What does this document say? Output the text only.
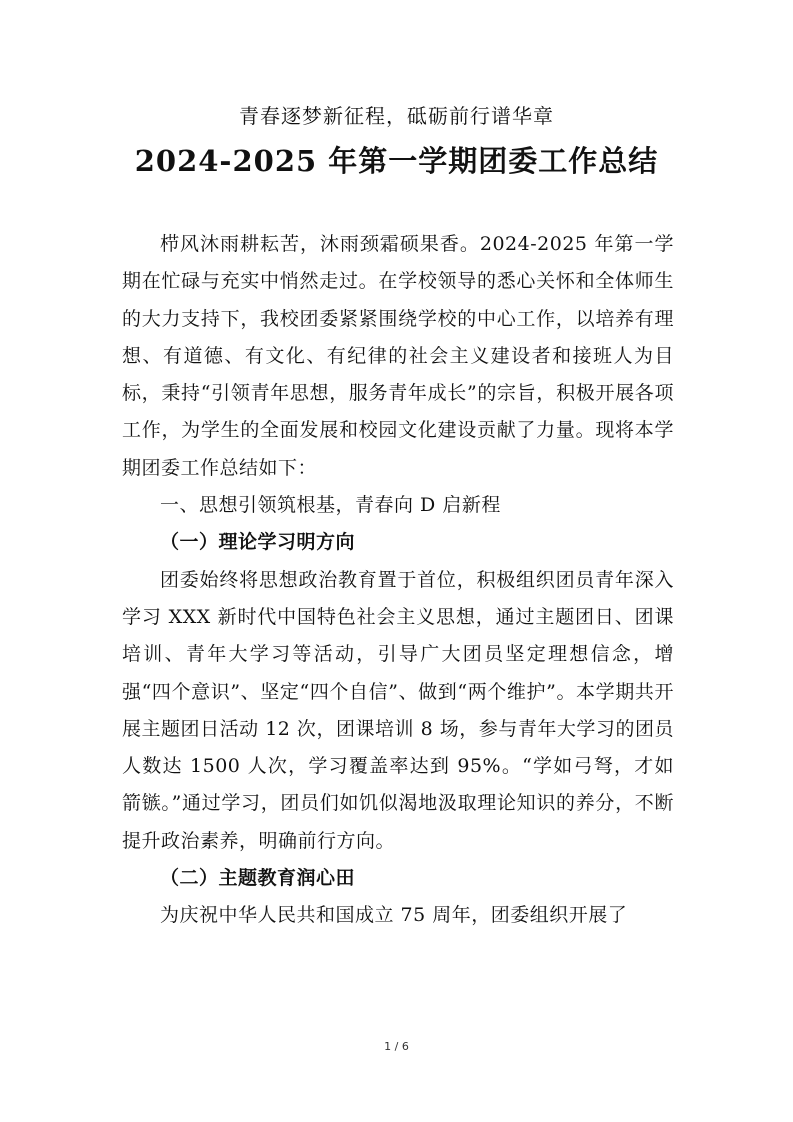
青春逐梦新征程，砥砺前行谱华章
2024-2025 年第一学期团委工作总结

栉风沐雨耕耘苦，沐雨颈霜硕果香。2024-2025 年第一学期在忙碌与充实中悄然走过。在学校领导的悉心关怀和全体师生的大力支持下，我校团委紧紧围绕学校的中心工作，以培养有理想、有道德、有文化、有纪律的社会主义建设者和接班人为目标，秉持“引领青年思想，服务青年成长”的宗旨，积极开展各项工作，为学生的全面发展和校园文化建设贡献了力量。现将本学期团委工作总结如下：

一、思想引领筑根基，青春向 D 启新程

（一）理论学习明方向

团委始终将思想政治教育置于首位，积极组织团员青年深入学习 XXX 新时代中国特色社会主义思想，通过主题团日、团课培训、青年大学习等活动，引导广大团员坚定理想信念，增强“四个意识”、坚定“四个自信”、做到“两个维护”。本学期共开展主题团日活动 12 次，团课培训 8 场，参与青年大学习的团员人数达 1500 人次，学习覆盖率达到 95%。“学如弓弩，才如箭镞。”通过学习，团员们如饥似渴地汲取理论知识的养分，不断提升政治素养，明确前行方向。

（二）主题教育润心田

为庆祝中华人民共和国成立 75 周年，团委组织开展了

1 / 6
